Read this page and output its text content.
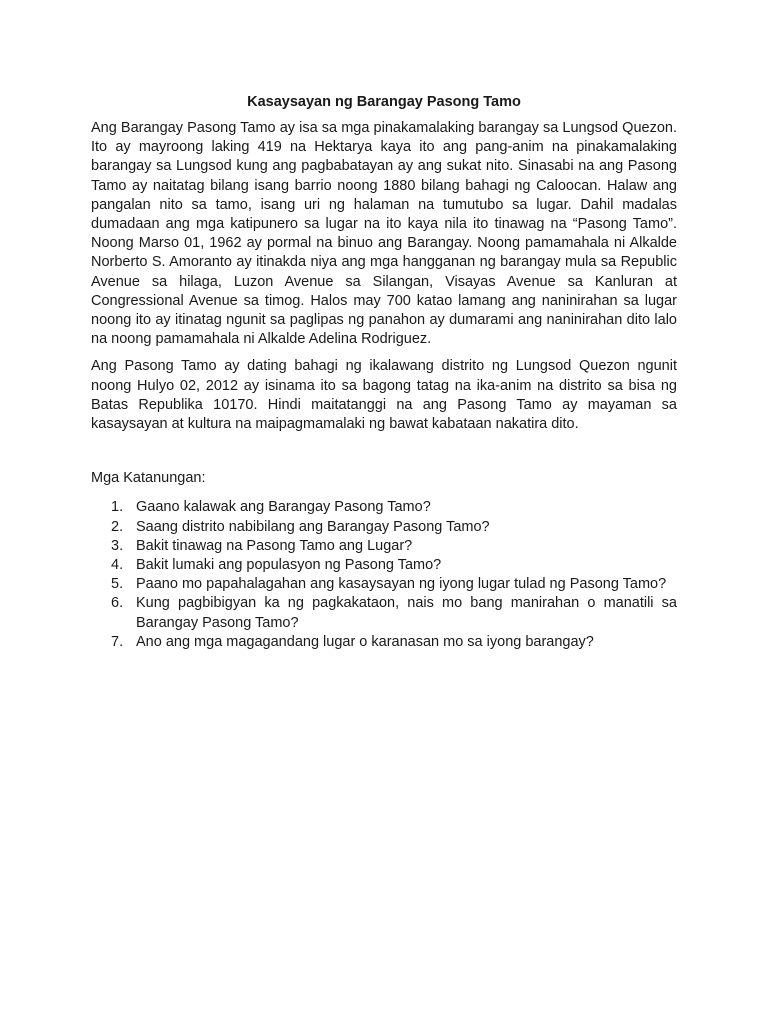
Kasaysayan ng Barangay Pasong Tamo

Ang Barangay Pasong Tamo ay isa sa mga pinakamalaking barangay sa Lungsod Quezon. Ito ay mayroong laking 419 na Hektarya kaya ito ang pang-anim na pinakamalaking barangay sa Lungsod kung ang pagbabatayan ay ang sukat nito. Sinasabi na ang Pasong Tamo ay naitatag bilang isang barrio noong 1880 bilang bahagi ng Caloocan. Halaw ang pangalan nito sa tamo, isang uri ng halaman na tumutubo sa lugar. Dahil madalas dumadaan ang mga katipunero sa lugar na ito kaya nila ito tinawag na “Pasong Tamo”. Noong Marso 01, 1962 ay pormal na binuo ang Barangay. Noong pamamahala ni Alkalde Norberto S. Amoranto ay itinakda niya ang mga hangganan ng barangay mula sa Republic Avenue sa hilaga, Luzon Avenue sa Silangan, Visayas Avenue sa Kanluran at Congressional Avenue sa timog. Halos may 700 katao lamang ang naninirahan sa lugar noong ito ay itinatag ngunit sa paglipas ng panahon ay dumarami ang naninirahan dito lalo na noong pamamahala ni Alkalde Adelina Rodriguez.

Ang Pasong Tamo ay dating bahagi ng ikalawang distrito ng Lungsod Quezon ngunit noong Hulyo 02, 2012 ay isinama ito sa bagong tatag na ika-anim na distrito sa bisa ng Batas Republika 10170. Hindi maitatanggi na ang Pasong Tamo ay mayaman sa kasaysayan at kultura na maipagmamalaki ng bawat kabataan nakatira dito.

Mga Katanungan:
1. Gaano kalawak ang Barangay Pasong Tamo?
2. Saang distrito nabibilang ang Barangay Pasong Tamo?
3. Bakit tinawag na Pasong Tamo ang Lugar?
4. Bakit lumaki ang populasyon ng Pasong Tamo?
5. Paano mo papahalagahan ang kasaysayan ng iyong lugar tulad ng Pasong Tamo?
6. Kung pagbibigyan ka ng pagkakataon, nais mo bang manirahan o manatili sa Barangay Pasong Tamo?
7. Ano ang mga magagandang lugar o karanasan mo sa iyong barangay?
